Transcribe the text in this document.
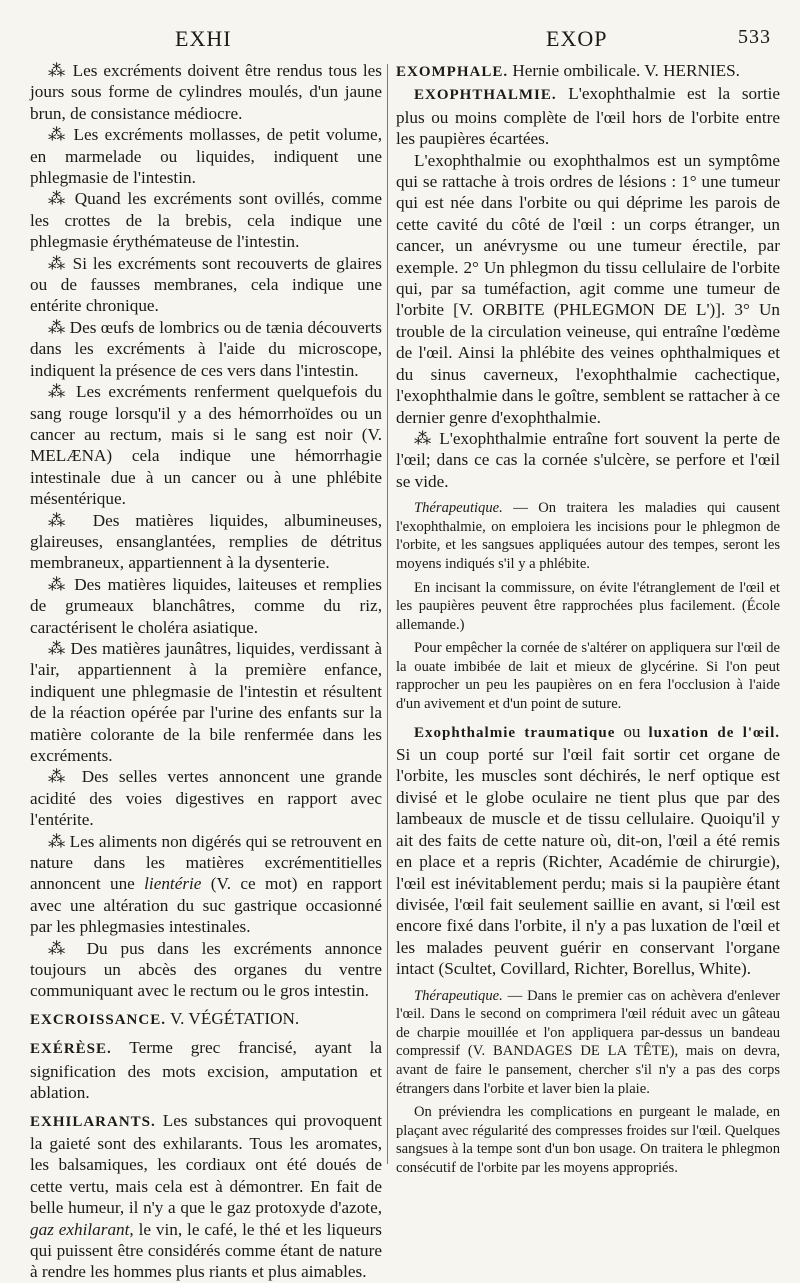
EXHI	EXOP	533

⁂ Les excréments doivent être rendus tous les jours sous forme de cylindres moulés, d'un jaune brun, de consistance médiocre.

⁂ Les excréments mollasses, de petit volume, en marmelade ou liquides, indiquent une phlegmasie de l'intestin.

⁂ Quand les excréments sont ovillés, comme les crottes de la brebis, cela indique une phlegmasie érythémateuse de l'intestin.

⁂ Si les excréments sont recouverts de glaires ou de fausses membranes, cela indique une entérite chronique.

⁂ Des œufs de lombrics ou de tænia découverts dans les excréments à l'aide du microscope, indiquent la présence de ces vers dans l'intestin.

⁂ Les excréments renferment quelquefois du sang rouge lorsqu'il y a des hémorrhoïdes ou un cancer au rectum, mais si le sang est noir (V. MELÆNA) cela indique une hémorrhagie intestinale due à un cancer ou à une phlébite mésentérique.

⁂ Des matières liquides, albumineuses, glaireuses, ensanglantées, remplies de détritus membraneux, appartiennent à la dysenterie.

⁂ Des matières liquides, laiteuses et remplies de grumeaux blanchâtres, comme du riz, caractérisent le choléra asiatique.

⁂ Des matières jaunâtres, liquides, verdissant à l'air, appartiennent à la première enfance, indiquent une phlegmasie de l'intestin et résultent de la réaction opérée par l'urine des enfants sur la matière colorante de la bile renfermée dans les excréments.

⁂ Des selles vertes annoncent une grande acidité des voies digestives en rapport avec l'entérite.

⁂ Les aliments non digérés qui se retrouvent en nature dans les matières excrémentitielles annoncent une lientérie (V. ce mot) en rapport avec une altération du suc gastrique occasionné par les phlegmasies intestinales.

⁂ Du pus dans les excréments annonce toujours un abcès des organes du ventre communiquant avec le rectum ou le gros intestin.

EXCROISSANCE. V. VÉGÉTATION.

EXÉRÈSE. Terme grec francisé, ayant la signification des mots excision, amputation et ablation.

EXHILARANTS. Les substances qui provoquent la gaieté sont des exhilarants. Tous les aromates, les balsamiques, les cordiaux ont été doués de cette vertu, mais cela est à démontrer. En fait de belle humeur, il n'y a que le gaz protoxyde d'azote, gaz exhilarant, le vin, le café, le thé et les liqueurs qui puissent être considérés comme étant de nature à rendre les hommes plus riants et plus aimables.

EXOMPHALE. Hernie ombilicale. V. HERNIES.

EXOPHTHALMIE. L'exophthalmie est la sortie plus ou moins complète de l'œil hors de l'orbite entre les paupières écartées.

L'exophthalmie ou exophthalmos est un symptôme qui se rattache à trois ordres de lésions : 1° une tumeur qui est née dans l'orbite ou qui déprime les parois de cette cavité du côté de l'œil : un corps étranger, un cancer, un anévrysme ou une tumeur érectile, par exemple. 2° Un phlegmon du tissu cellulaire de l'orbite qui, par sa tuméfaction, agit comme une tumeur de l'orbite [V. ORBITE (PHLEGMON DE L')]. 3° Un trouble de la circulation veineuse, qui entraîne l'œdème de l'œil. Ainsi la phlébite des veines ophthalmiques et du sinus caverneux, l'exophthalmie cachectique, l'exophthalmie dans le goître, semblent se rattacher à ce dernier genre d'exophthalmie.

⁂ L'exophthalmie entraîne fort souvent la perte de l'œil; dans ce cas la cornée s'ulcère, se perfore et l'œil se vide.

Thérapeutique. — On traitera les maladies qui causent l'exophthalmie, on emploiera les incisions pour le phlegmon de l'orbite, et les sangsues appliquées autour des tempes, seront les moyens indiqués s'il y a phlébite.

En incisant la commissure, on évite l'étranglement de l'œil et les paupières peuvent être rapprochées plus facilement. (École allemande.)

Pour empêcher la cornée de s'altérer on appliquera sur l'œil de la ouate imbibée de lait et mieux de glycérine. Si l'on peut rapprocher un peu les paupières on en fera l'occlusion à l'aide d'un avivement et d'un point de suture.

Exophthalmie traumatique ou luxation de l'œil. Si un coup porté sur l'œil fait sortir cet organe de l'orbite, les muscles sont déchirés, le nerf optique est divisé et le globe oculaire ne tient plus que par des lambeaux de muscle et de tissu cellulaire. Quoiqu'il y ait des faits de cette nature où, dit-on, l'œil a été remis en place et a repris (Richter, Académie de chirurgie), l'œil est inévitablement perdu; mais si la paupière étant divisée, l'œil fait seulement saillie en avant, si l'œil est encore fixé dans l'orbite, il n'y a pas luxation de l'œil et les malades peuvent guérir en conservant l'organe intact (Scultet, Covillard, Richter, Borellus, White).

Thérapeutique. — Dans le premier cas on achèvera d'enlever l'œil. Dans le second on comprimera l'œil réduit avec un gâteau de charpie mouillée et l'on appliquera par-dessus un bandeau compressif (V. BANDAGES DE LA TÊTE), mais on devra, avant de faire le pansement, chercher s'il n'y a pas des corps étrangers dans l'orbite et laver bien la plaie.

On préviendra les complications en purgeant le malade, en plaçant avec régularité des compresses froides sur l'œil. Quelques sangsues à la tempe sont d'un bon usage. On traitera le phlegmon consécutif de l'orbite par les moyens appropriés.
